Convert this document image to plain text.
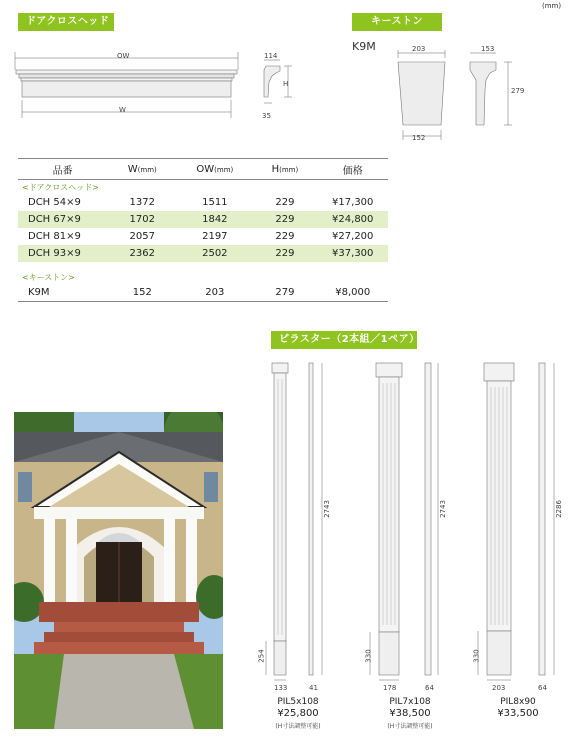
(mm)
ドアクロスヘッド
OW
W
114
H
35
キーストン
K9M	203
152
153
279
品番	W(mm)	OW(mm)	H(mm)	価格
<ドアクロスヘッド>				
DCH 54×9	1372	1511	229	¥17,300
DCH 67×9	1702	1842	229	¥24,800
DCH 81×9	2057	2197	229	¥27,200
DCH 93×9	2362	2502	229	¥37,300

<キーストン>				
K9M	152	203	279	¥8,000
ピラスター（2本組／1ペア）
2743
254
133	41
2743
330
178	64
2286
330
203	64
PIL5x108
¥25,800
(H寸法調整可能)
PIL7x108
¥38,500
(H寸法調整可能)
PIL8x90
¥33,500
